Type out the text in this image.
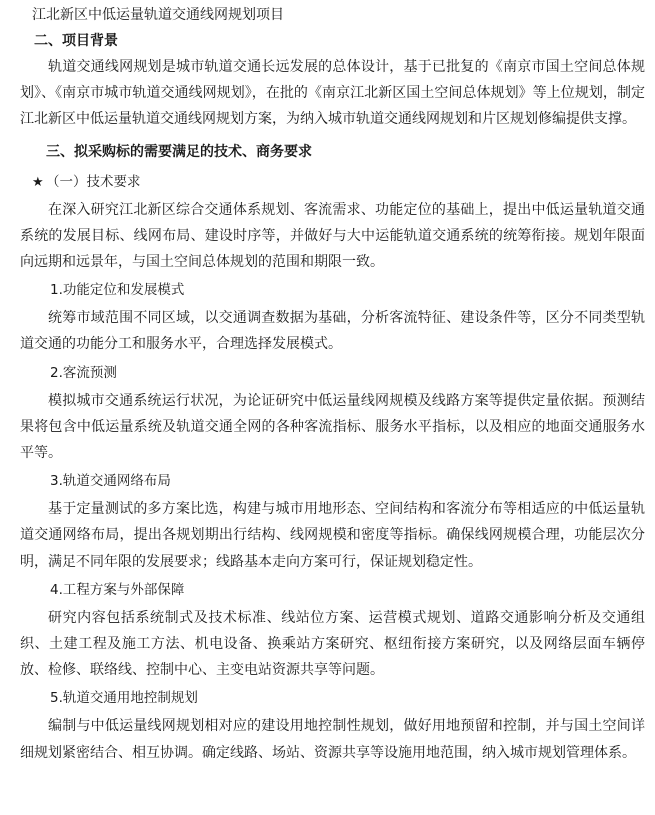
江北新区中低运量轨道交通线网规划项目
二、项目背景

轨道交通线网规划是城市轨道交通长远发展的总体设计，基于已批复的《南京市国土空间总体规划》、《南京市城市轨道交通线网规划》，在批的《南京江北新区国土空间总体规划》等上位规划，制定江北新区中低运量轨道交通线网规划方案，为纳入城市轨道交通线网规划和片区规划修编提供支撑。

三、拟采购标的需要满足的技术、商务要求
★ （一）技术要求

在深入研究江北新区综合交通体系规划、客流需求、功能定位的基础上，提出中低运量轨道交通系统的发展目标、线网布局、建设时序等，并做好与大中运能轨道交通系统的统筹衔接。规划年限面向远期和远景年，与国土空间总体规划的范围和期限一致。

1.功能定位和发展模式

统筹市域范围不同区域，以交通调查数据为基础，分析客流特征、建设条件等，区分不同类型轨道交通的功能分工和服务水平，合理选择发展模式。

2.客流预测

模拟城市交通系统运行状况，为论证研究中低运量线网规模及线路方案等提供定量依据。预测结果将包含中低运量系统及轨道交通全网的各种客流指标、服务水平指标，以及相应的地面交通服务水平等。

3.轨道交通网络布局

基于定量测试的多方案比选，构建与城市用地形态、空间结构和客流分布等相适应的中低运量轨道交通网络布局，提出各规划期出行结构、线网规模和密度等指标。确保线网规模合理，功能层次分明，满足不同年限的发展要求；线路基本走向方案可行，保证规划稳定性。

4.工程方案与外部保障

研究内容包括系统制式及技术标准、线站位方案、运营模式规划、道路交通影响分析及交通组织、土建工程及施工方法、机电设备、换乘站方案研究、枢纽衔接方案研究，以及网络层面车辆停放、检修、联络线、控制中心、主变电站资源共享等问题。

5.轨道交通用地控制规划

编制与中低运量线网规划相对应的建设用地控制性规划，做好用地预留和控制，并与国土空间详细规划紧密结合、相互协调。确定线路、场站、资源共享等设施用地范围，纳入城市规划管理体系。
